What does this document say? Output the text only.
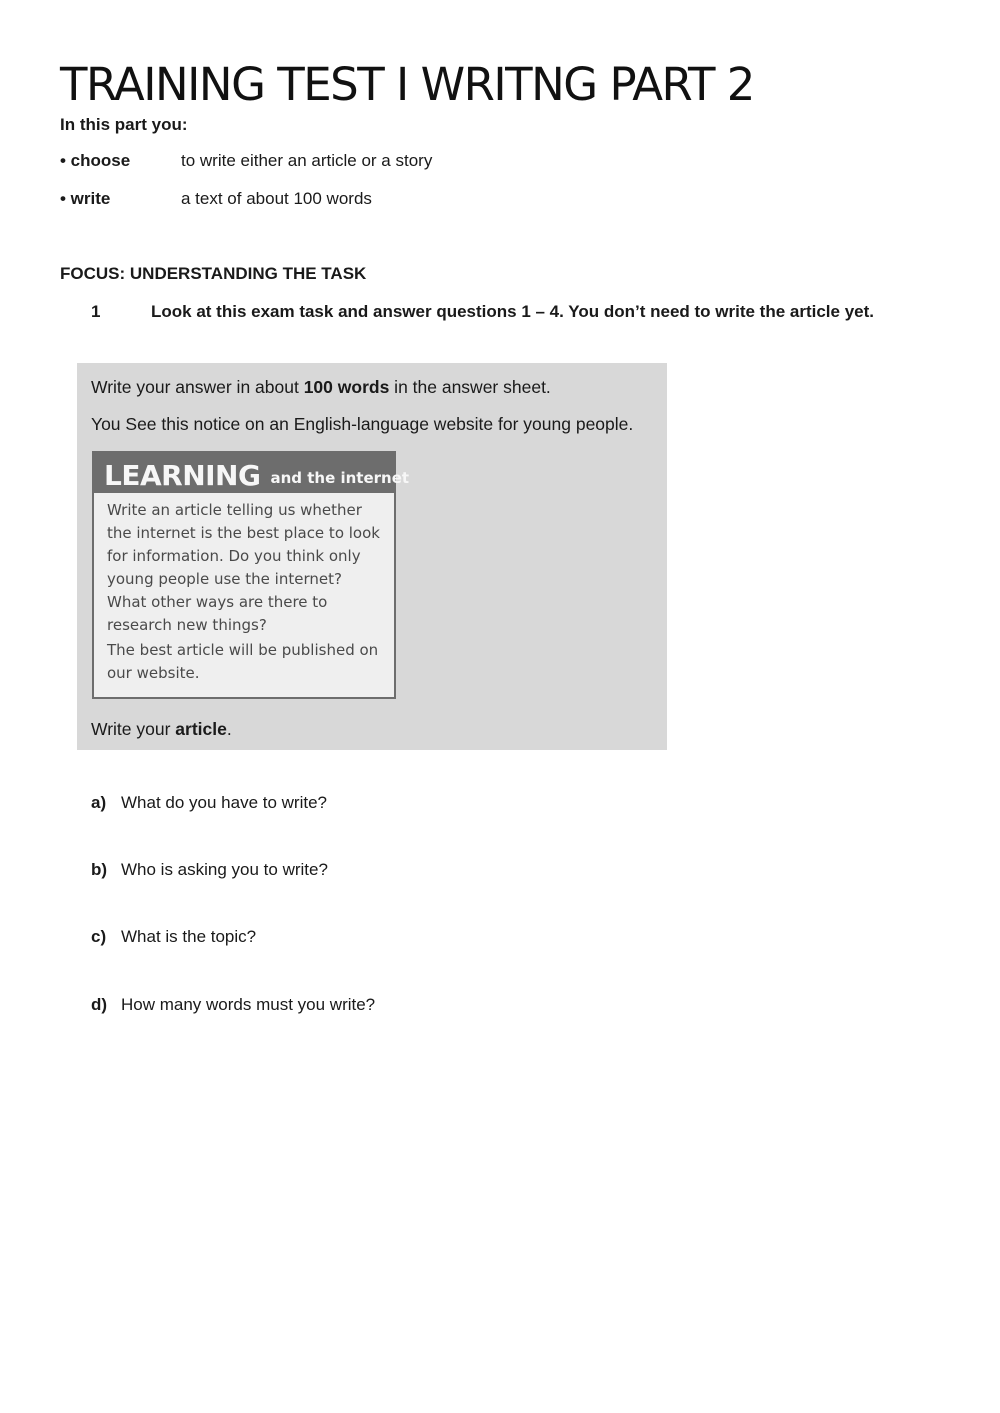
TRAINING TEST I WRITNG PART 2
In this part you:
• choose	to write either an article or a story
• write	a text of about 100 words
FOCUS: UNDERSTANDING THE TASK
1	Look at this exam task and answer questions 1 – 4. You don’t need to write the article yet.
Write your answer in about 100 words in the answer sheet.
You See this notice on an English-language website for young people.
LEARNING and the internet

Write an article telling us whether the internet is the best place to look for information. Do you think only young people use the internet? What other ways are there to research new things?

The best article will be published on our website.

Write your article.
a) What do you have to write?
b) Who is asking you to write?
c) What is the topic?
d) How many words must you write?
